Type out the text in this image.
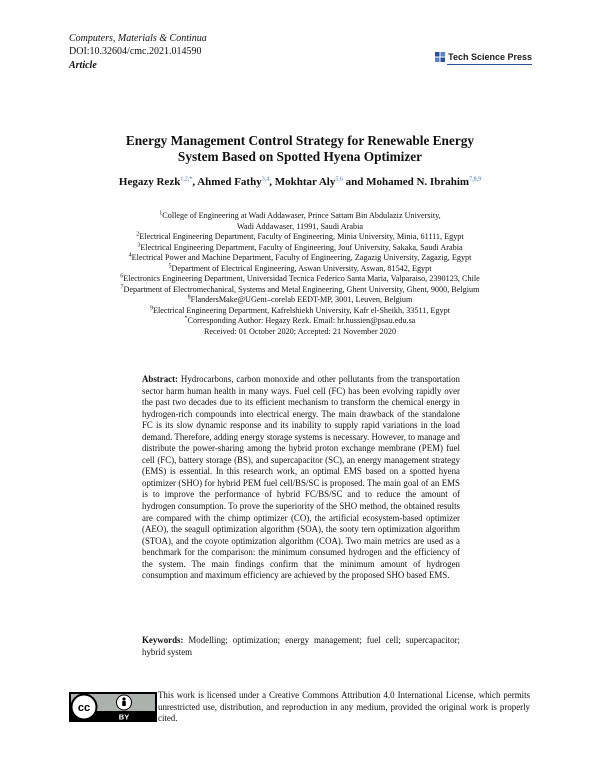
Computers, Materials & Continua
DOI:10.32604/cmc.2021.014590
Article
Tech Science Press
Energy Management Control Strategy for Renewable Energy
System Based on Spotted Hyena Optimizer
Hegazy Rezk$^{1,2,*}$, Ahmed Fathy$^{3,4}$, Mokhtar Aly$^{5,6}$ and Mohamed N. Ibrahim$^{7,8,9}$
$^1$College of Engineering at Wadi Addawaser, Prince Sattam Bin Abdulaziz University,
Wadi Addawaser, 11991, Saudi Arabia
$^2$Electrical Engineering Department, Faculty of Engineering, Minia University, Minia, 61111, Egypt
$^3$Electrical Engineering Department, Faculty of Engineering, Jouf University, Sakaka, Saudi Arabia
$^4$Electrical Power and Machine Department, Faculty of Engineering, Zagazig University, Zagazig, Egypt
$^5$Department of Electrical Engineering, Aswan University, Aswan, 81542, Egypt
$^6$Electronics Engineering Department, Universidad Tecnica Federico Santa Maria, Valparaiso, 2390123, Chile
$^7$Department of Electromechanical, Systems and Metal Engineering, Ghent University, Ghent, 9000, Belgium
$^8$FlandersMake@UGent–corelab EEDT-MP, 3001, Leuven, Belgium
$^9$Electrical Engineering Department, Kafrelshiekh University, Kafr el-Sheikh, 33511, Egypt
*Corresponding Author: Hegazy Rezk. Email: hr.hussien@psau.edu.sa
Received: 01 October 2020; Accepted: 21 November 2020
Abstract: Hydrocarbons, carbon monoxide and other pollutants from the transportation sector harm human health in many ways. Fuel cell (FC) has been evolving rapidly over the past two decades due to its efficient mechanism to transform the chemical energy in hydrogen-rich compounds into electrical energy. The main drawback of the standalone FC is its slow dynamic response and its inability to supply rapid variations in the load demand. Therefore, adding energy storage systems is necessary. However, to manage and distribute the power-sharing among the hybrid proton exchange membrane (PEM) fuel cell (FC), battery storage (BS), and supercapacitor (SC), an energy management strategy (EMS) is essential. In this research work, an optimal EMS based on a spotted hyena optimizer (SHO) for hybrid PEM fuel cell/BS/SC is proposed. The main goal of an EMS is to improve the performance of hybrid FC/BS/SC and to reduce the amount of hydrogen consumption. To prove the superiority of the SHO method, the obtained results are compared with the chimp optimizer (CO), the artificial ecosystem-based optimizer (AEO), the seagull optimization algorithm (SOA), the sooty tern optimization algorithm (STOA), and the coyote optimization algorithm (COA). Two main metrics are used as a benchmark for the comparison: the minimum consumed hydrogen and the efficiency of the system. The main findings confirm that the minimum amount of hydrogen consumption and maximum efficiency are achieved by the proposed SHO based EMS.
Keywords: Modelling; optimization; energy management; fuel cell; supercapacitor; hybrid system
cc
BY
This work is licensed under a Creative Commons Attribution 4.0 International License, which permits unrestricted use, distribution, and reproduction in any medium, provided the original work is properly cited.
